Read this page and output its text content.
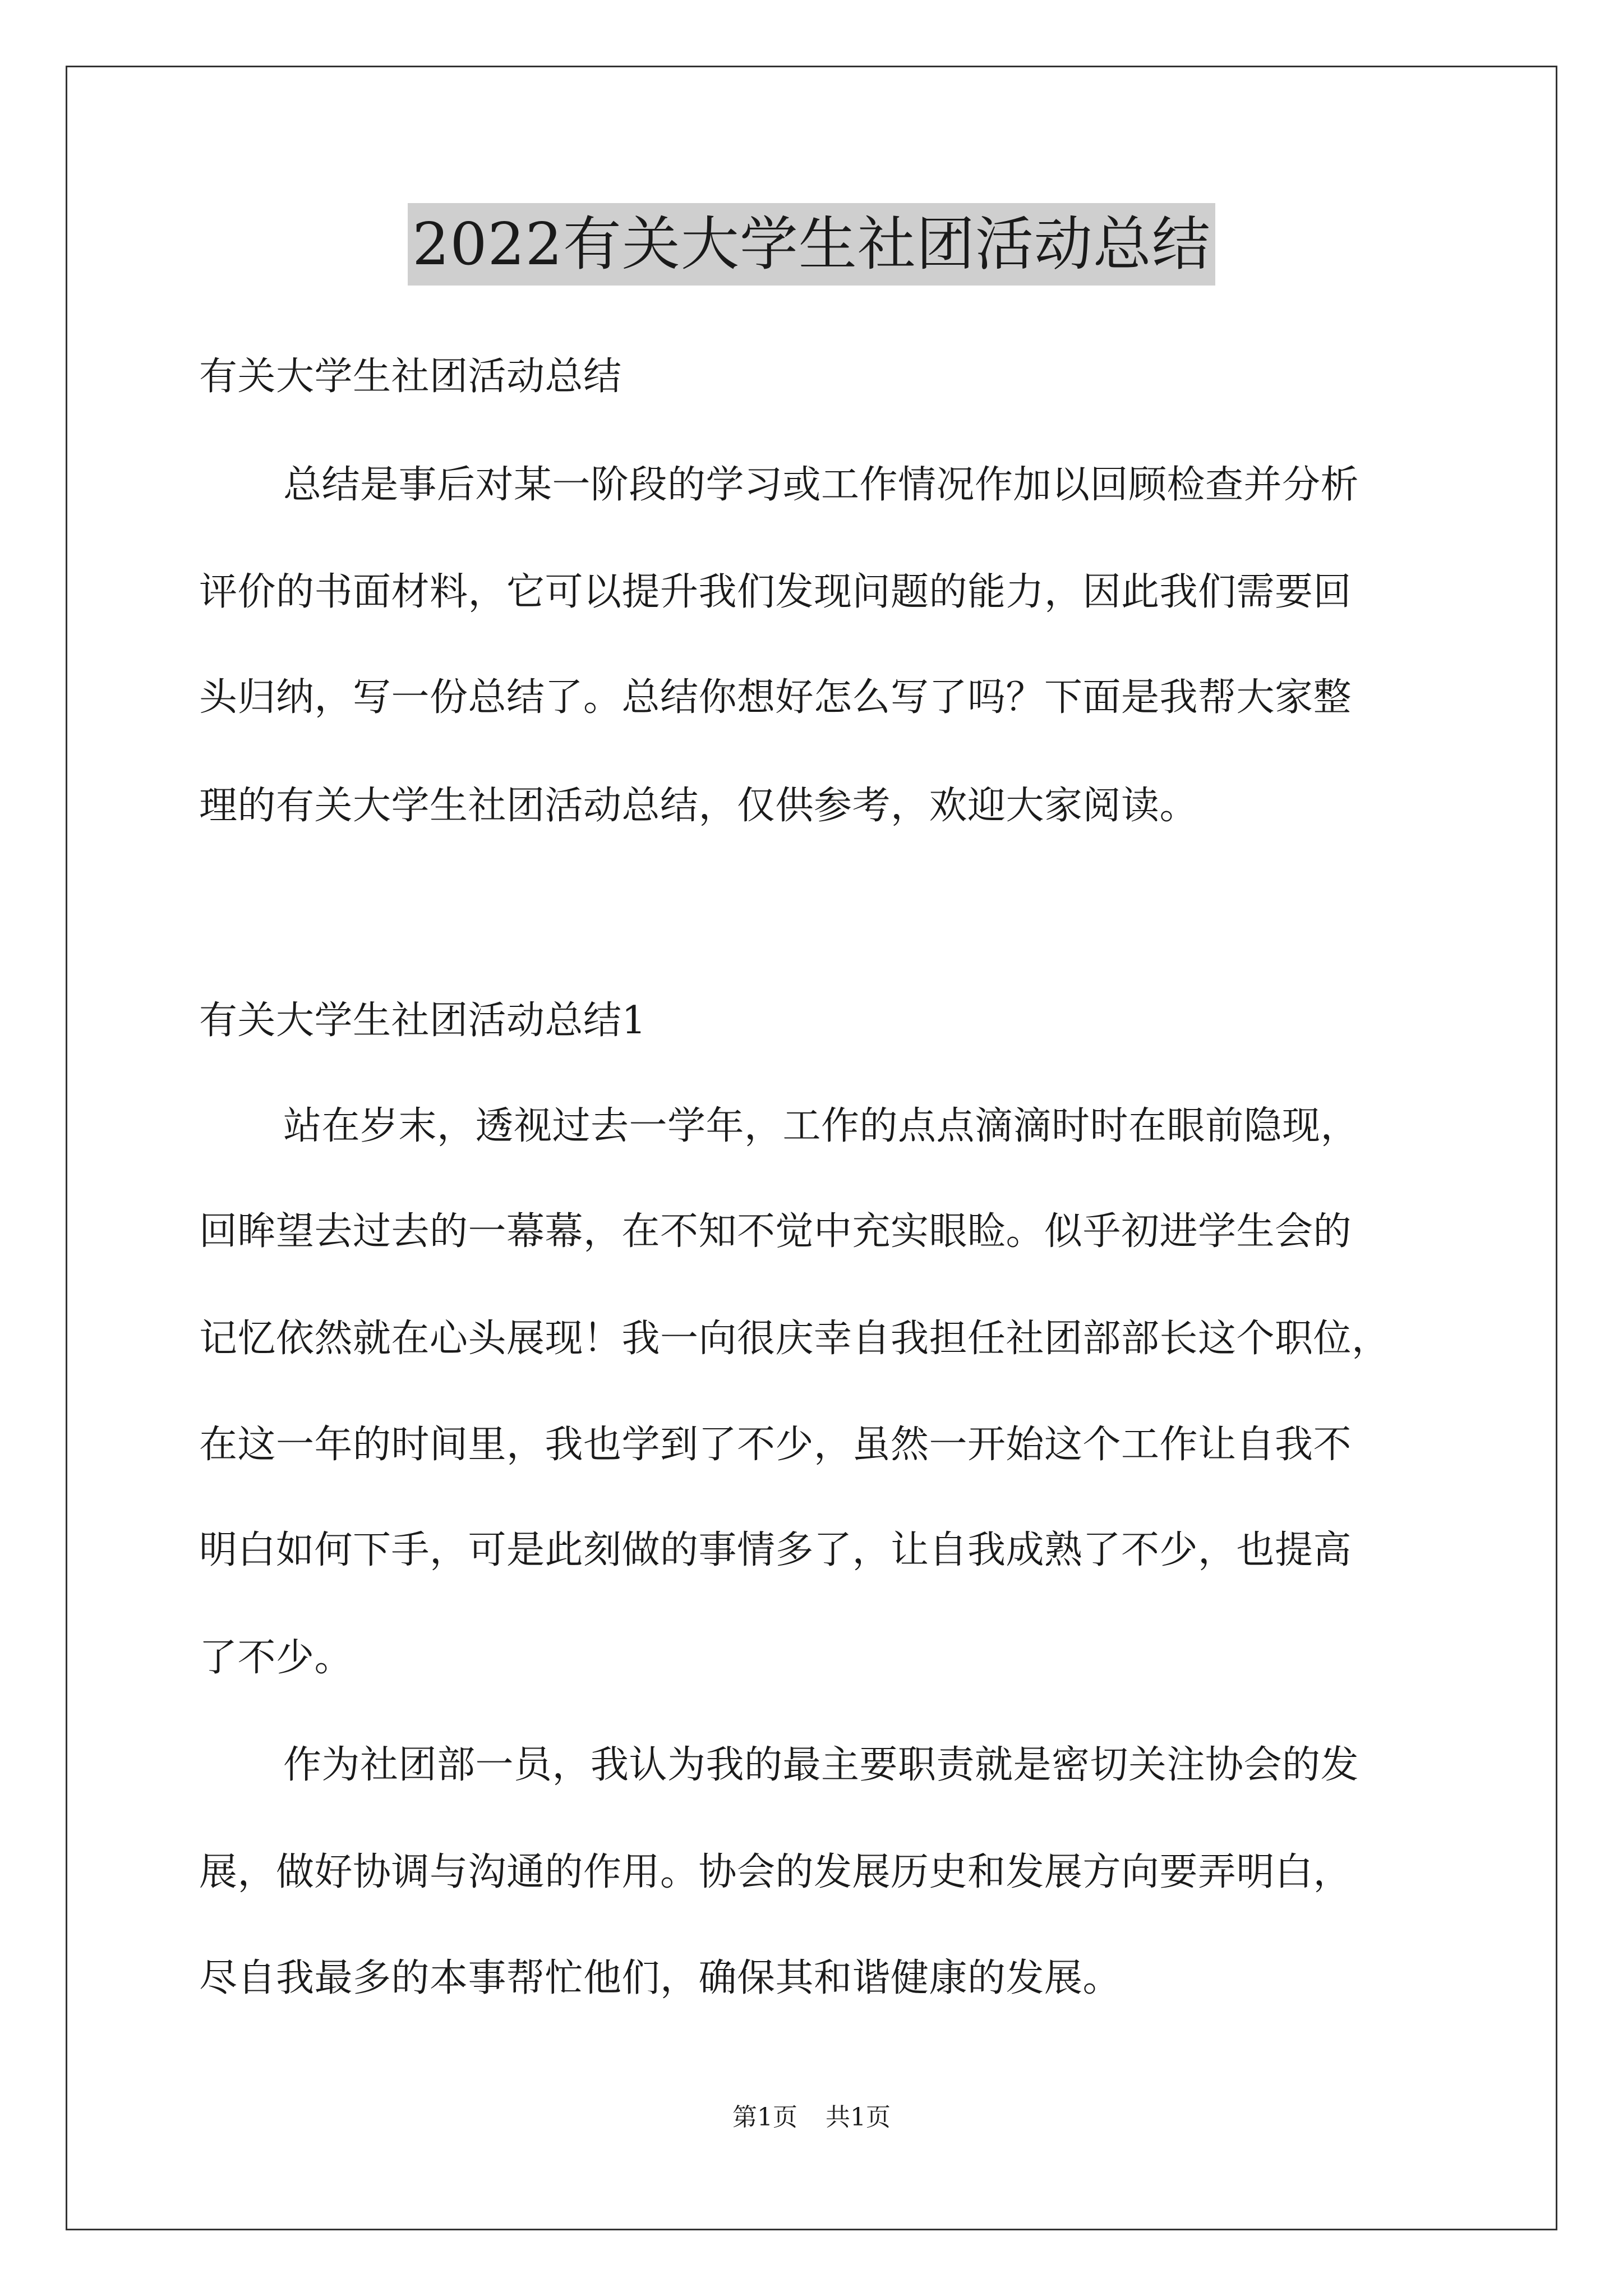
2022有关大学生社团活动总结
有关大学生社团活动总结
总结是事后对某一阶段的学习或工作情况作加以回顾检查并分析
评价的书面材料，它可以提升我们发现问题的能力，因此我们需要回
头归纳，写一份总结了。总结你想好怎么写了吗？下面是我帮大家整
理的有关大学生社团活动总结，仅供参考，欢迎大家阅读。
有关大学生社团活动总结1
站在岁末，透视过去一学年，工作的点点滴滴时时在眼前隐现，
回眸望去过去的一幕幕，在不知不觉中充实眼睑。似乎初进学生会的
记忆依然就在心头展现！我一向很庆幸自我担任社团部部长这个职位，
在这一年的时间里，我也学到了不少，虽然一开始这个工作让自我不
明白如何下手，可是此刻做的事情多了，让自我成熟了不少，也提高
了不少。
作为社团部一员，我认为我的最主要职责就是密切关注协会的发
展，做好协调与沟通的作用。协会的发展历史和发展方向要弄明白，
尽自我最多的本事帮忙他们，确保其和谐健康的发展。
第1页 共1页
